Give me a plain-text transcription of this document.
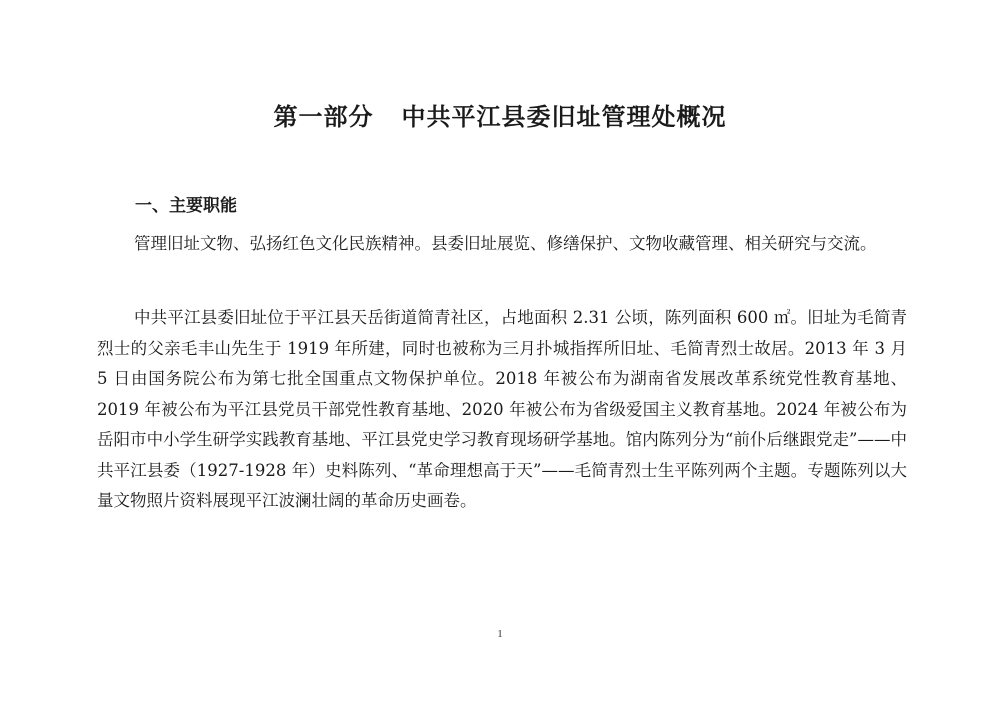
第一部分 中共平江县委旧址管理处概况
一、主要职能

管理旧址文物、弘扬红色文化民族精神。县委旧址展览、修缮保护、文物收藏管理、相关研究与交流。

中共平江县委旧址位于平江县天岳街道简青社区，占地面积 2.31 公顷，陈列面积 600 ㎡。旧址为毛简青烈士的父亲毛丰山先生于 1919 年所建，同时也被称为三月扑城指挥所旧址、毛简青烈士故居。2013 年 3 月 5 日由国务院公布为第七批全国重点文物保护单位。2018 年被公布为湖南省发展改革系统党性教育基地、2019 年被公布为平江县党员干部党性教育基地、2020 年被公布为省级爱国主义教育基地。2024 年被公布为岳阳市中小学生研学实践教育基地、平江县党史学习教育现场研学基地。馆内陈列分为“前仆后继跟党走”——中共平江县委（1927-1928 年）史料陈列、“革命理想高于天”——毛简青烈士生平陈列两个主题。专题陈列以大量文物照片资料展现平江波澜壮阔的革命历史画卷。

1
